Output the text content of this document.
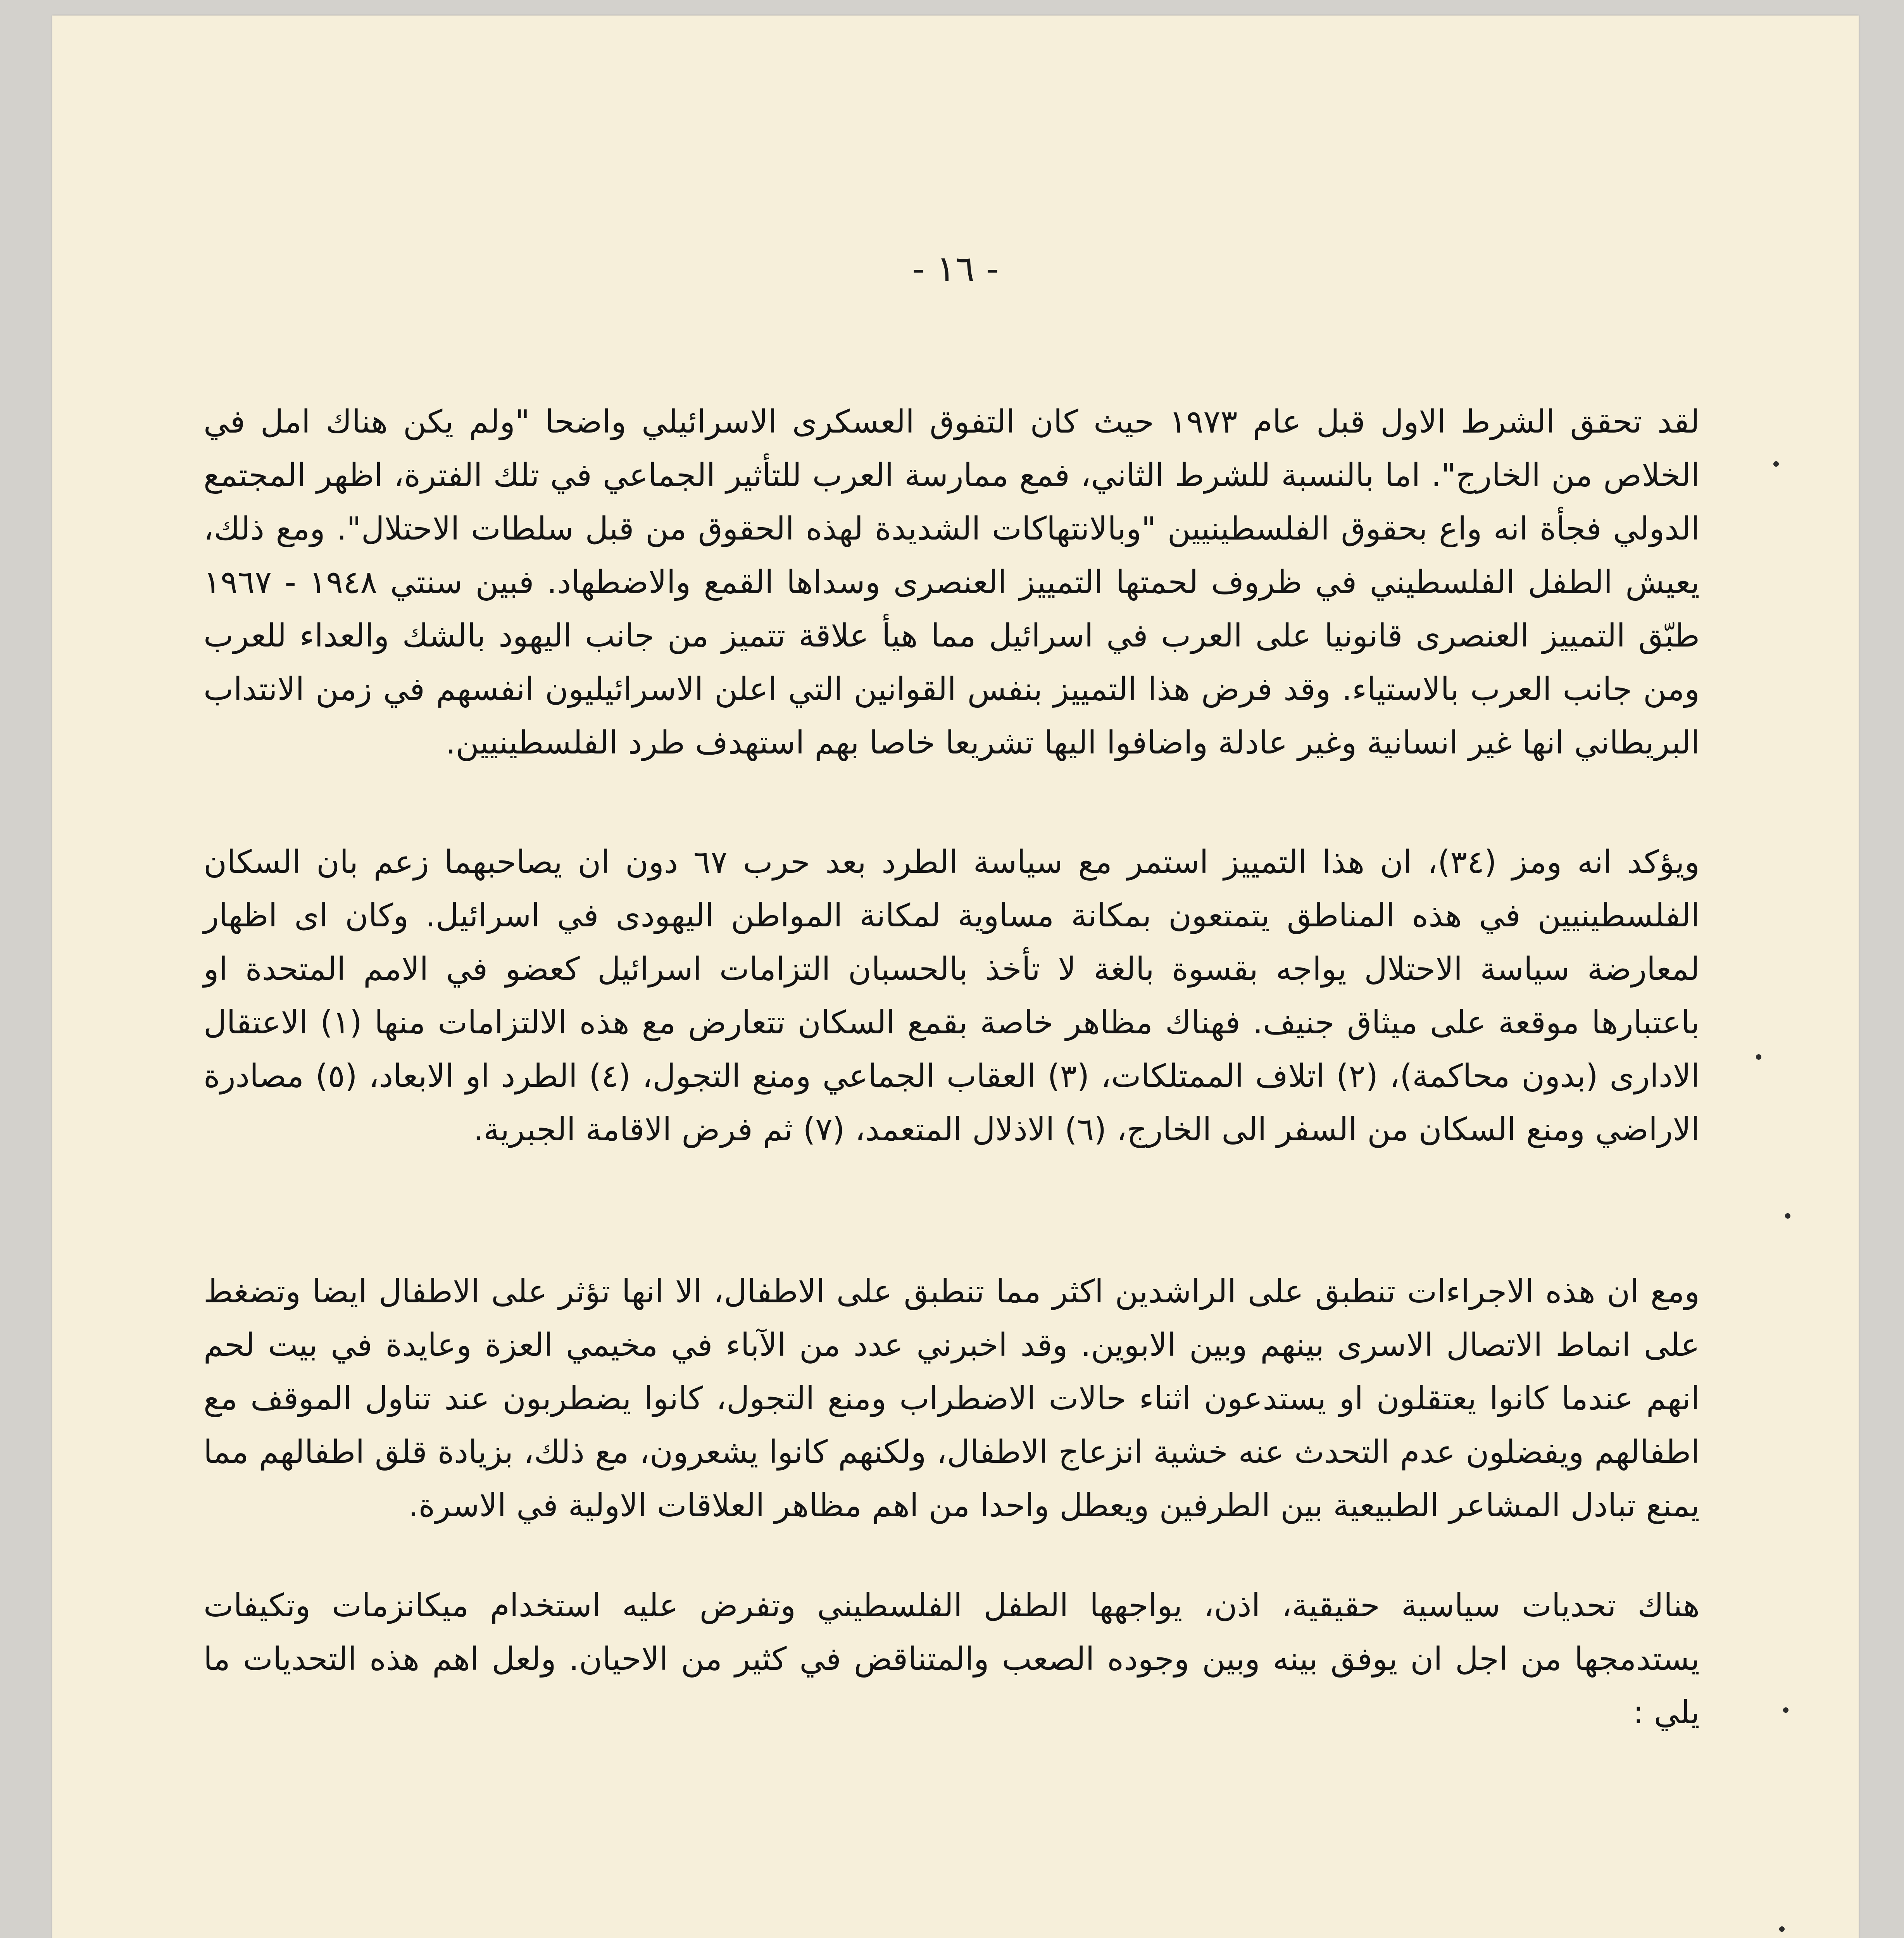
- ١٦ -

لقد تحقق الشرط الاول قبل عام ١٩٧٣ حيث كان التفوق العسكرى الاسرائيلي واضحا "ولم يكن هناك امل في الخلاص من الخارج". اما بالنسبة للشرط الثاني، فمع ممارسة العرب للتأثير الجماعي في تلك الفترة، اظهر المجتمع الدولي فجأة انه واع بحقوق الفلسطينيين "وبالانتهاكات الشديدة لهذه الحقوق من قبل سلطات الاحتلال". ومع ذلك، يعيش الطفل الفلسطيني في ظروف لحمتها التمييز العنصرى وسداها القمع والاضطهاد. فبين سنتي ١٩٤٨ - ١٩٦٧ طبّق التمييز العنصرى قانونيا على العرب في اسرائيل مما هيأ علاقة تتميز من جانب اليهود بالشك والعداء للعرب ومن جانب العرب بالاستياء. وقد فرض هذا التمييز بنفس القوانين التي اعلن الاسرائيليون انفسهم في زمن الانتداب البريطاني انها غير انسانية وغير عادلة واضافوا اليها تشريعا خاصا بهم استهدف طرد الفلسطينيين.

ويؤكد انه ومز (٣٤)، ان هذا التمييز استمر مع سياسة الطرد بعد حرب ٦٧ دون ان يصاحبهما زعم بان السكان الفلسطينيين في هذه المناطق يتمتعون بمكانة مساوية لمكانة المواطن اليهودى في اسرائيل. وكان اى اظهار لمعارضة سياسة الاحتلال يواجه بقسوة بالغة لا تأخذ بالحسبان التزامات اسرائيل كعضو في الامم المتحدة او باعتبارها موقعة على ميثاق جنيف. فهناك مظاهر خاصة بقمع السكان تتعارض مع هذه الالتزامات منها (١) الاعتقال الادارى (بدون محاكمة)، (٢) اتلاف الممتلكات، (٣) العقاب الجماعي ومنع التجول، (٤) الطرد او الابعاد، (٥) مصادرة الاراضي ومنع السكان من السفر الى الخارج، (٦) الاذلال المتعمد، (٧) ثم فرض الاقامة الجبرية.

ومع ان هذه الاجراءات تنطبق على الراشدين اكثر مما تنطبق على الاطفال، الا انها تؤثر على الاطفال ايضا وتضغط على انماط الاتصال الاسرى بينهم وبين الابوين. وقد اخبرني عدد من الآباء في مخيمي العزة وعايدة في بيت لحم انهم عندما كانوا يعتقلون او يستدعون اثناء حالات الاضطراب ومنع التجول، كانوا يضطربون عند تناول الموقف مع اطفالهم ويفضلون عدم التحدث عنه خشية انزعاج الاطفال، ولكنهم كانوا يشعرون، مع ذلك، بزيادة قلق اطفالهم مما يمنع تبادل المشاعر الطبيعية بين الطرفين ويعطل واحدا من اهم مظاهر العلاقات الاولية في الاسرة.

هناك تحديات سياسية حقيقية، اذن، يواجهها الطفل الفلسطيني وتفرض عليه استخدام ميكانزمات وتكيفات يستدمجها من اجل ان يوفق بينه وبين وجوده الصعب والمتناقض في كثير من الاحيان. ولعل اهم هذه التحديات ما يلي :
